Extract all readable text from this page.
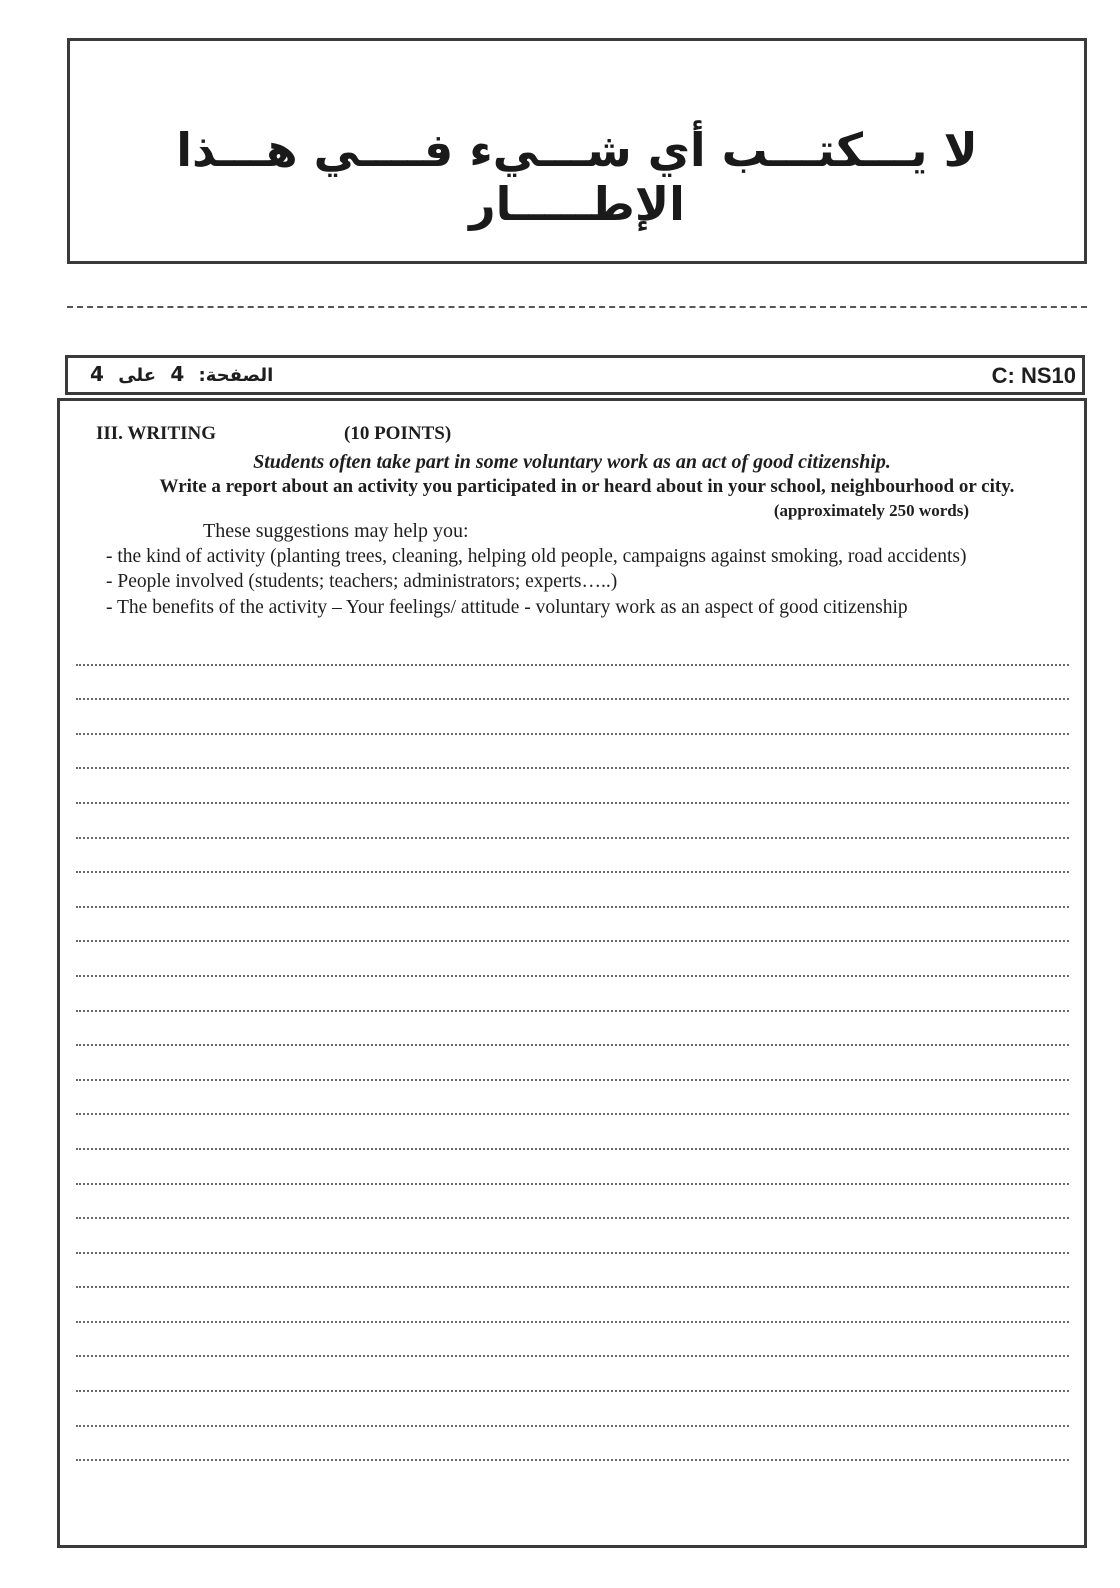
لا يـــكتـــب أي شـــيء فــــي هـــذا الإطـــــار
الصفحة: 4 على 4	C: NS10
III. WRITING	(10 POINTS)
Students often take part in some voluntary work as an act of good citizenship.
Write a report about an activity you participated in or heard about in your school, neighbourhood or city.
(approximately 250 words)
These suggestions may help you:
- the kind of activity (planting trees, cleaning, helping old people, campaigns against smoking, road accidents)
- People involved (students; teachers; administrators; experts…..)
- The benefits of the activity – Your feelings/ attitude - voluntary work as an aspect of good citizenship
